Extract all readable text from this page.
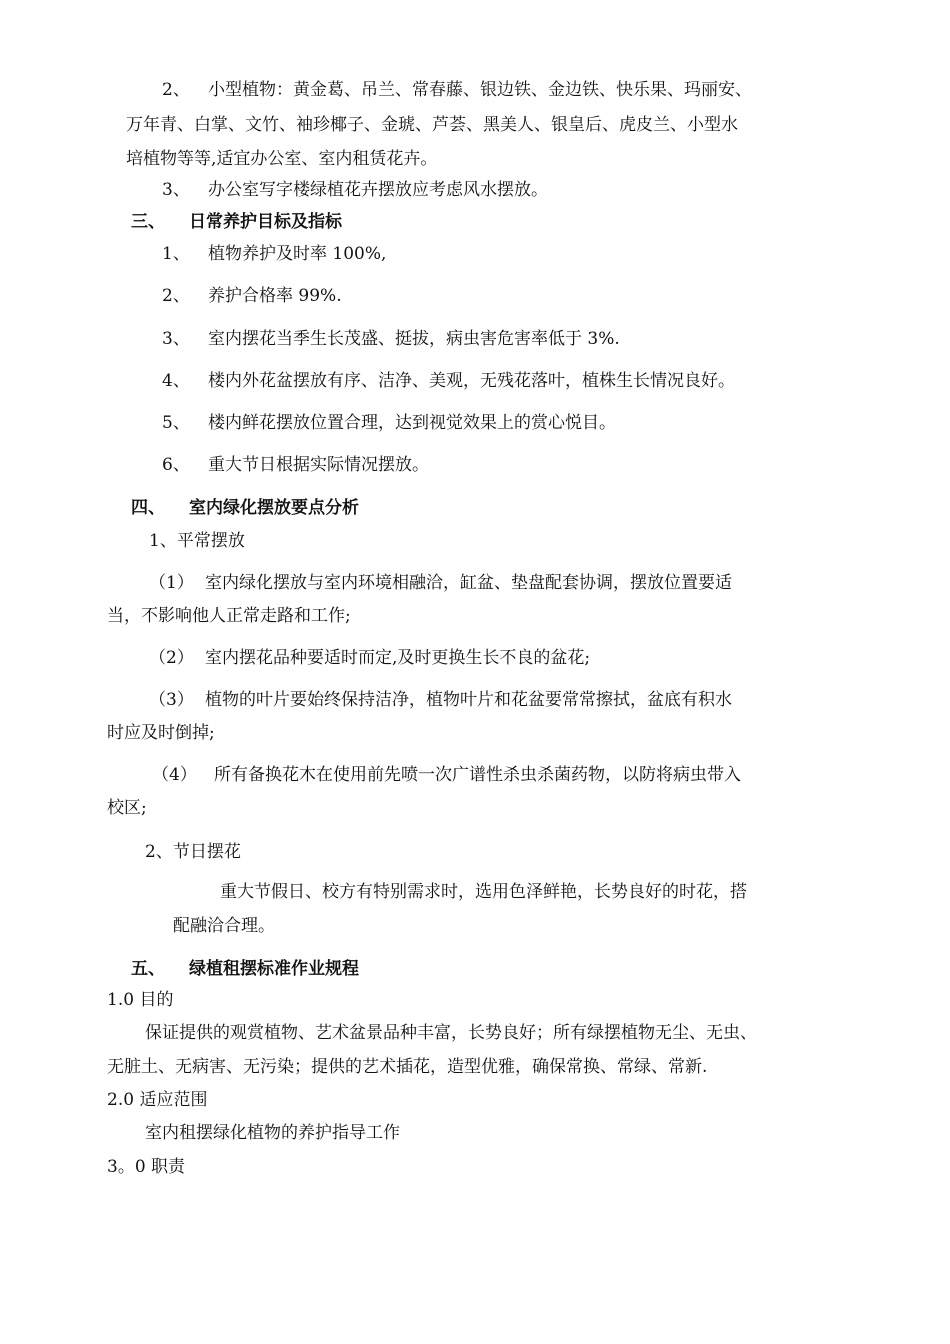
2、 小型植物：黄金葛、吊兰、常春藤、银边铁、金边铁、快乐果、玛丽安、
万年青、白掌、文竹、袖珍椰子、金琥、芦荟、黑美人、银皇后、虎皮兰、小型水
培植物等等,适宜办公室、室内租赁花卉。
3、 办公室写字楼绿植花卉摆放应考虑风水摆放。
三、 日常养护目标及指标
1、 植物养护及时率 100%,
2、 养护合格率 99%.
3、 室内摆花当季生长茂盛、挺拔，病虫害危害率低于 3%.
4、 楼内外花盆摆放有序、洁净、美观，无残花落叶，植株生长情况良好。
5、 楼内鲜花摆放位置合理，达到视觉效果上的赏心悦目。
6、 重大节日根据实际情况摆放。
四、 室内绿化摆放要点分析
1、平常摆放
（1） 室内绿化摆放与室内环境相融洽，缸盆、垫盘配套协调，摆放位置要适
当，不影响他人正常走路和工作;
（2） 室内摆花品种要适时而定,及时更换生长不良的盆花;
（3） 植物的叶片要始终保持洁净，植物叶片和花盆要常常擦拭，盆底有积水
时应及时倒掉;
（4） 所有备换花木在使用前先喷一次广谱性杀虫杀菌药物，以防将病虫带入
校区;
2、节日摆花
重大节假日、校方有特别需求时，选用色泽鲜艳，长势良好的时花，搭
配融洽合理。
五、 绿植租摆标准作业规程
1.0 目的
保证提供的观赏植物、艺术盆景品种丰富，长势良好；所有绿摆植物无尘、无虫、
无脏土、无病害、无污染；提供的艺术插花，造型优雅，确保常换、常绿、常新.
2.0 适应范围
室内租摆绿化植物的养护指导工作
3。0 职责
